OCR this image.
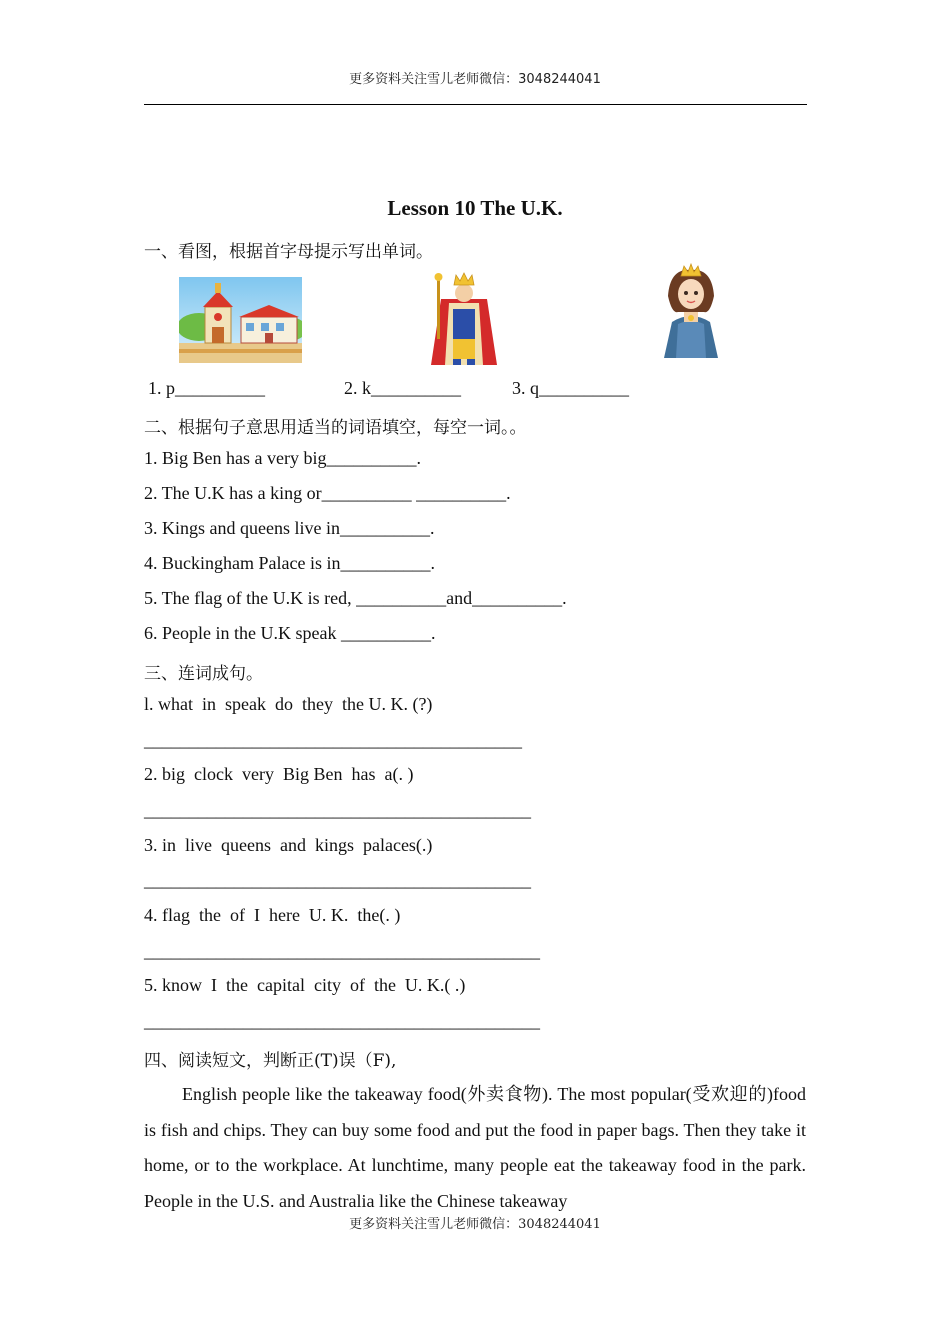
更多资料关注雪儿老师微信：3048244041
Lesson 10 The U.K.
一、看图，根据首字母提示写出单词。
1. p__________	2. k__________	3. q__________
二、根据句子意思用适当的词语填空，每空一词。。
1. Big Ben has a very big__________.
2. The U.K has a king or__________ __________.
3. Kings and queens live in__________.
4. Buckingham Palace is in__________.
5. The flag of the U.K is red, __________and__________.
6. People in the U.K speak __________.
三、连词成句。
l. what  in  speak  do  they  the U. K. (?)
__________________________________________
2. big  clock  very  Big Ben  has  a(. )
___________________________________________
3. in  live  queens  and  kings  palaces(.)
___________________________________________
4. flag  the  of  I  here  U. K.  the(. )
____________________________________________
5. know  I  the  capital  city  of  the  U. K.( .)
____________________________________________
四、阅读短文，判断正(T)误（F),
English people like the takeaway food(外卖食物). The most popular(受欢迎的)food is fish and chips. They can buy some food and put the food in paper bags. Then they take it home, or to the workplace. At lunchtime, many people eat the takeaway food in the park. People in the U.S. and Australia like the Chinese takeaway
更多资料关注雪儿老师微信：3048244041
